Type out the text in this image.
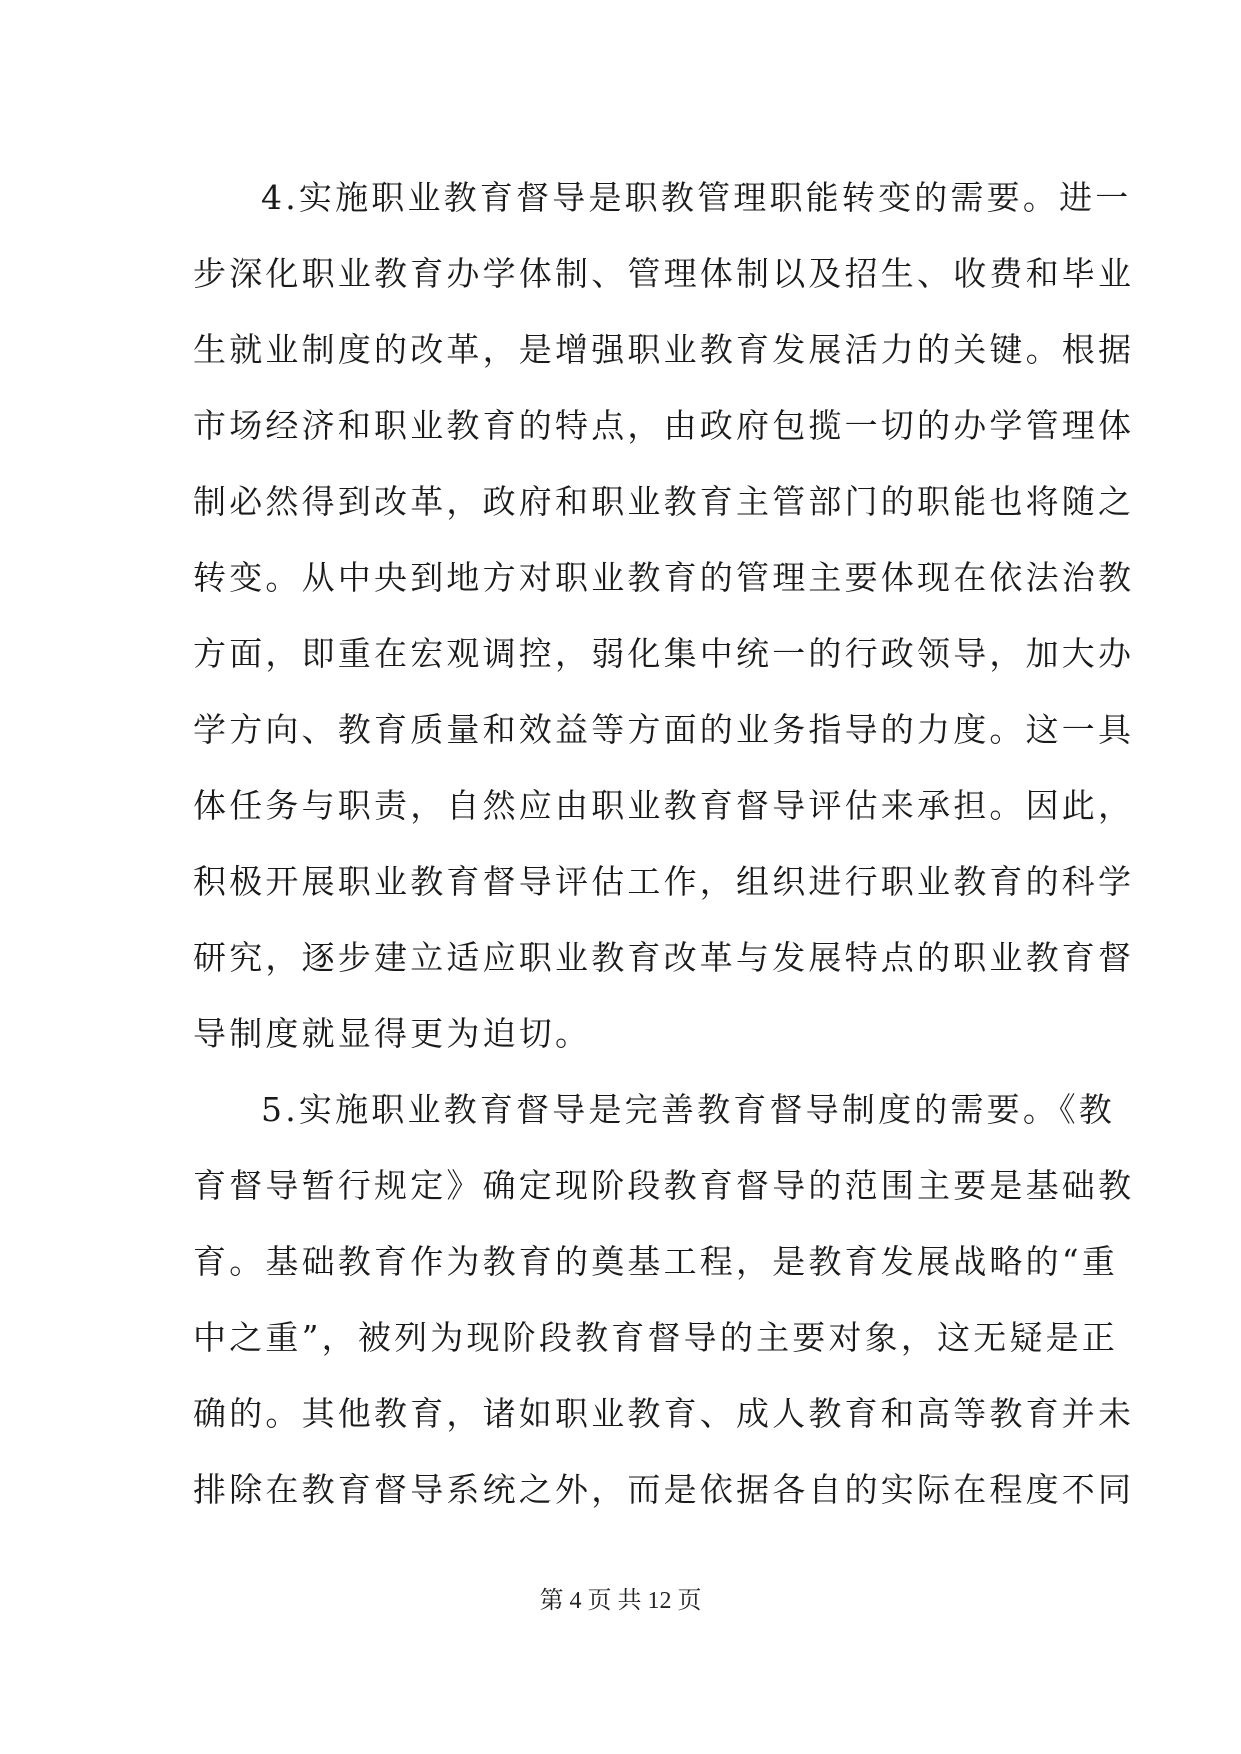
4.实施职业教育督导是职教管理职能转变的需要。进一
步深化职业教育办学体制、管理体制以及招生、收费和毕业
生就业制度的改革，是增强职业教育发展活力的关键。根据
市场经济和职业教育的特点，由政府包揽一切的办学管理体
制必然得到改革，政府和职业教育主管部门的职能也将随之
转变。从中央到地方对职业教育的管理主要体现在依法治教
方面，即重在宏观调控，弱化集中统一的行政领导，加大办
学方向、教育质量和效益等方面的业务指导的力度。这一具
体任务与职责，自然应由职业教育督导评估来承担。因此，
积极开展职业教育督导评估工作，组织进行职业教育的科学
研究，逐步建立适应职业教育改革与发展特点的职业教育督
导制度就显得更为迫切。
5.实施职业教育督导是完善教育督导制度的需要。《教
育督导暂行规定》确定现阶段教育督导的范围主要是基础教
育。基础教育作为教育的奠基工程，是教育发展战略的“重
中之重”，被列为现阶段教育督导的主要对象，这无疑是正
确的。其他教育，诸如职业教育、成人教育和高等教育并未
排除在教育督导系统之外，而是依据各自的实际在程度不同
第 4 页 共 12 页
